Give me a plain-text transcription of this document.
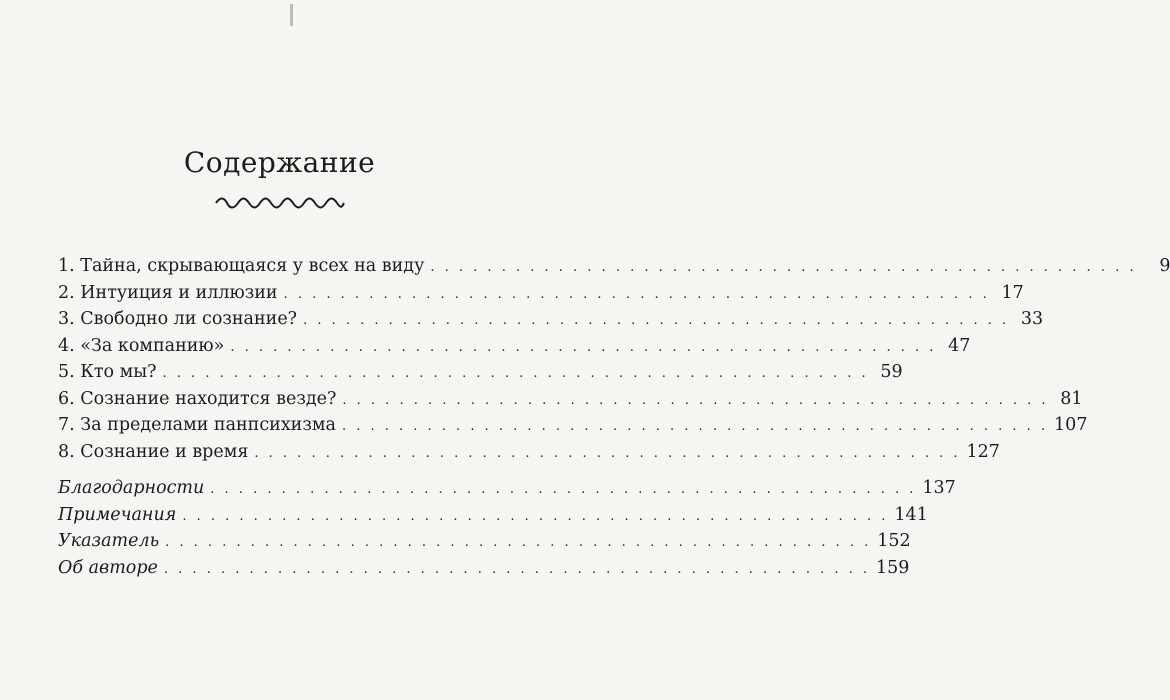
Содержание
1. Тайна, скрывающаяся у всех на виду . . . . . . . . . . . . . . . . . . . . . . . . . . . . . . . . . . . . . . . . . . . . . . . . . .	9
2. Интуиция и иллюзии . . . . . . . . . . . . . . . . . . . . . . . . . . . . . . . . . . . . . . . . . . . . . . . . . . 17
3. Свободно ли сознание? . . . . . . . . . . . . . . . . . . . . . . . . . . . . . . . . . . . . . . . . . . . . . . . . . . 33
4. «За компанию» . . . . . . . . . . . . . . . . . . . . . . . . . . . . . . . . . . . . . . . . . . . . . . . . . . 47
5. Кто мы? . . . . . . . . . . . . . . . . . . . . . . . . . . . . . . . . . . . . . . . . . . . . . . . . . . 59
6. Сознание находится везде? . . . . . . . . . . . . . . . . . . . . . . . . . . . . . . . . . . . . . . . . . . . . . . . . . . 81
7. За пределами панпсихизма . . . . . . . . . . . . . . . . . . . . . . . . . . . . . . . . . . . . . . . . . . . . . . . . . . 107
8. Сознание и время . . . . . . . . . . . . . . . . . . . . . . . . . . . . . . . . . . . . . . . . . . . . . . . . . . 127
Благодарности . . . . . . . . . . . . . . . . . . . . . . . . . . . . . . . . . . . . . . . . . . . . . . . . . . 137
Примечания . . . . . . . . . . . . . . . . . . . . . . . . . . . . . . . . . . . . . . . . . . . . . . . . . . 141
Указатель . . . . . . . . . . . . . . . . . . . . . . . . . . . . . . . . . . . . . . . . . . . . . . . . . . 152
Об авторе . . . . . . . . . . . . . . . . . . . . . . . . . . . . . . . . . . . . . . . . . . . . . . . . . . 159
